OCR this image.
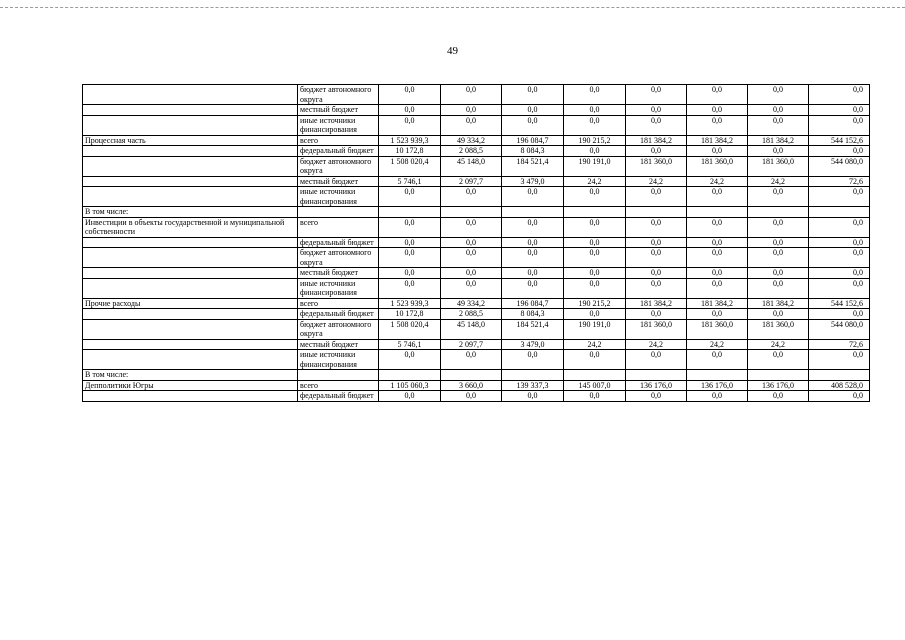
49
	бюджет автономного округа	0,0	0,0	0,0	0,0	0,0	0,0	0,0	0,0
	местный бюджет	0,0	0,0	0,0	0,0	0,0	0,0	0,0	0,0
	иные источники финансирования	0,0	0,0	0,0	0,0	0,0	0,0	0,0	0,0
Процессная часть	всего	1 523 939,3	49 334,2	196 084,7	190 215,2	181 384,2	181 384,2	181 384,2	544 152,6
	федеральный бюджет	10 172,8	2 088,5	8 084,3	0,0	0,0	0,0	0,0	0,0
	бюджет автономного округа	1 508 020,4	45 148,0	184 521,4	190 191,0	181 360,0	181 360,0	181 360,0	544 080,0
	местный бюджет	5 746,1	2 097,7	3 479,0	24,2	24,2	24,2	24,2	72,6
	иные источники финансирования	0,0	0,0	0,0	0,0	0,0	0,0	0,0	0,0
В том числе:									
Инвестиции в объекты государственной и муниципальной собственности	всего	0,0	0,0	0,0	0,0	0,0	0,0	0,0	0,0
	федеральный бюджет	0,0	0,0	0,0	0,0	0,0	0,0	0,0	0,0
	бюджет автономного округа	0,0	0,0	0,0	0,0	0,0	0,0	0,0	0,0
	местный бюджет	0,0	0,0	0,0	0,0	0,0	0,0	0,0	0,0
	иные источники финансирования	0,0	0,0	0,0	0,0	0,0	0,0	0,0	0,0
Прочие расходы	всего	1 523 939,3	49 334,2	196 084,7	190 215,2	181 384,2	181 384,2	181 384,2	544 152,6
	федеральный бюджет	10 172,8	2 088,5	8 084,3	0,0	0,0	0,0	0,0	0,0
	бюджет автономного округа	1 508 020,4	45 148,0	184 521,4	190 191,0	181 360,0	181 360,0	181 360,0	544 080,0
	местный бюджет	5 746,1	2 097,7	3 479,0	24,2	24,2	24,2	24,2	72,6
	иные источники финансирования	0,0	0,0	0,0	0,0	0,0	0,0	0,0	0,0
В том числе:									
Депполитики Югры	всего	1 105 060,3	3 660,0	139 337,3	145 007,0	136 176,0	136 176,0	136 176,0	408 528,0
	федеральный бюджет	0,0	0,0	0,0	0,0	0,0	0,0	0,0	0,0
